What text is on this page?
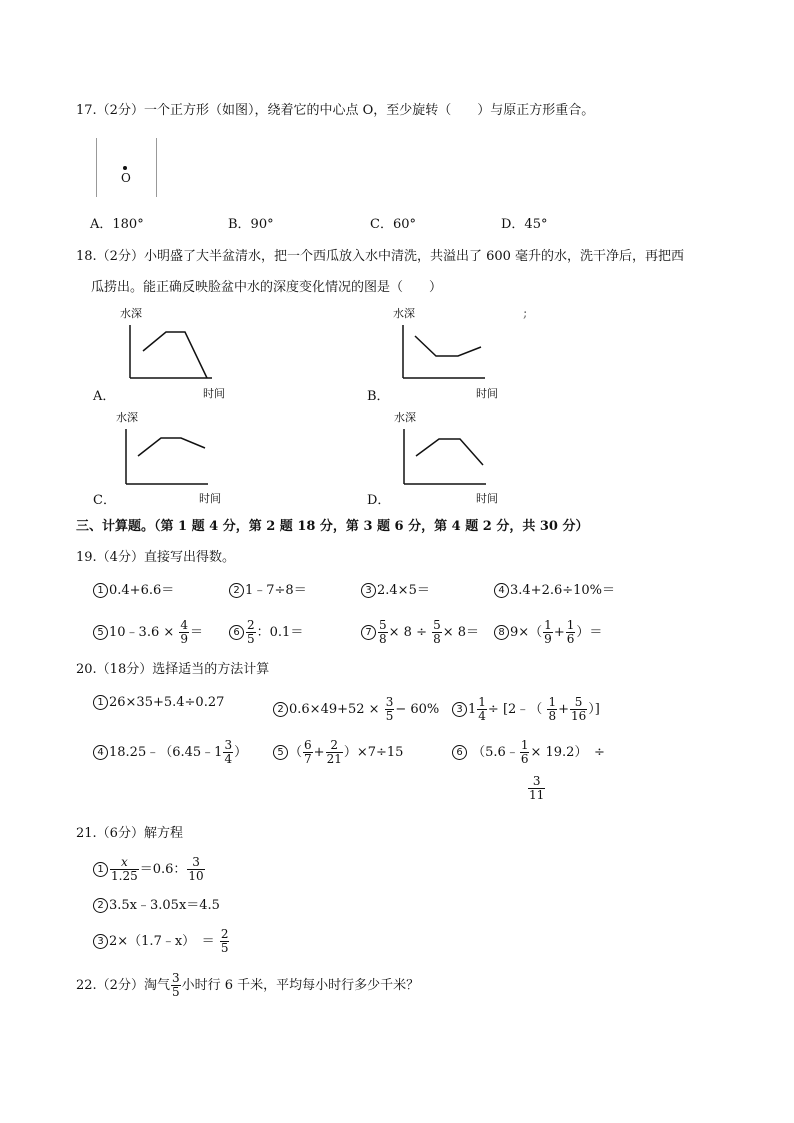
17.（2分）一个正方形（如图），绕着它的中心点 O，至少旋转（　　）与原正方形重合。
O
A．180°	B．90°	C．60°	D．45°
18.（2分）小明盛了大半盆清水，把一个西瓜放入水中清洗，共溢出了 600 毫升的水，洗干净后，再把西
瓜捞出。能正确反映脸盆中水的深度变化情况的图是（　　）
;
水深
时间
A．
水深
时间
B．
水深
时间
C．
水深
时间
D．
三、计算题。（第 1 题 4 分，第 2 题 18 分，第 3 题 6 分，第 4 题 2 分，共 30 分）
19.（4分）直接写出得数。
1 0.4+6.6＝	2 1﹣7÷8＝	3 2.4×5＝	4 3.4+2.6÷10%＝
5 10﹣3.6 × $\frac{4}{9}$ ＝	$6 \frac{2}{5}$ ：0.1＝	$7 \frac{5}{8} \times 8 \div \frac{5}{8} \times 8=$	8 $9\times( \frac{1}{9} + \frac{1}{6}$ ）＝
20.（18分）选择适当的方法计算
1 26×35+5.4÷0.27	2 $0.6\times 49+52 \times \frac{3}{5} - 60\%$	3 $1 \frac{1}{4}$ ÷ [2﹣（ $\frac{1}{8} + \frac{5}{16}$ ）]
4 18.25﹣（6.45﹣1 $\frac{3}{4}$ ）	5 （ $\frac{6}{7} + \frac{2}{21} )\times 7\div 15$	6 （5.6﹣ $\frac{1}{6} \times 19.2$）　÷
$\frac{3}{11}$
21.（6分）解方程
$1 \frac{x}{1.25} =0.6$： $\frac{3}{10}$
2 3.5x﹣3.05x＝4.5
3 2×（1.7﹣x）　＝ $\frac{2}{5}$
22.（2分）淘气 $\frac{3}{5}$ 小时行 6 千米，平均每小时行多少千米？
